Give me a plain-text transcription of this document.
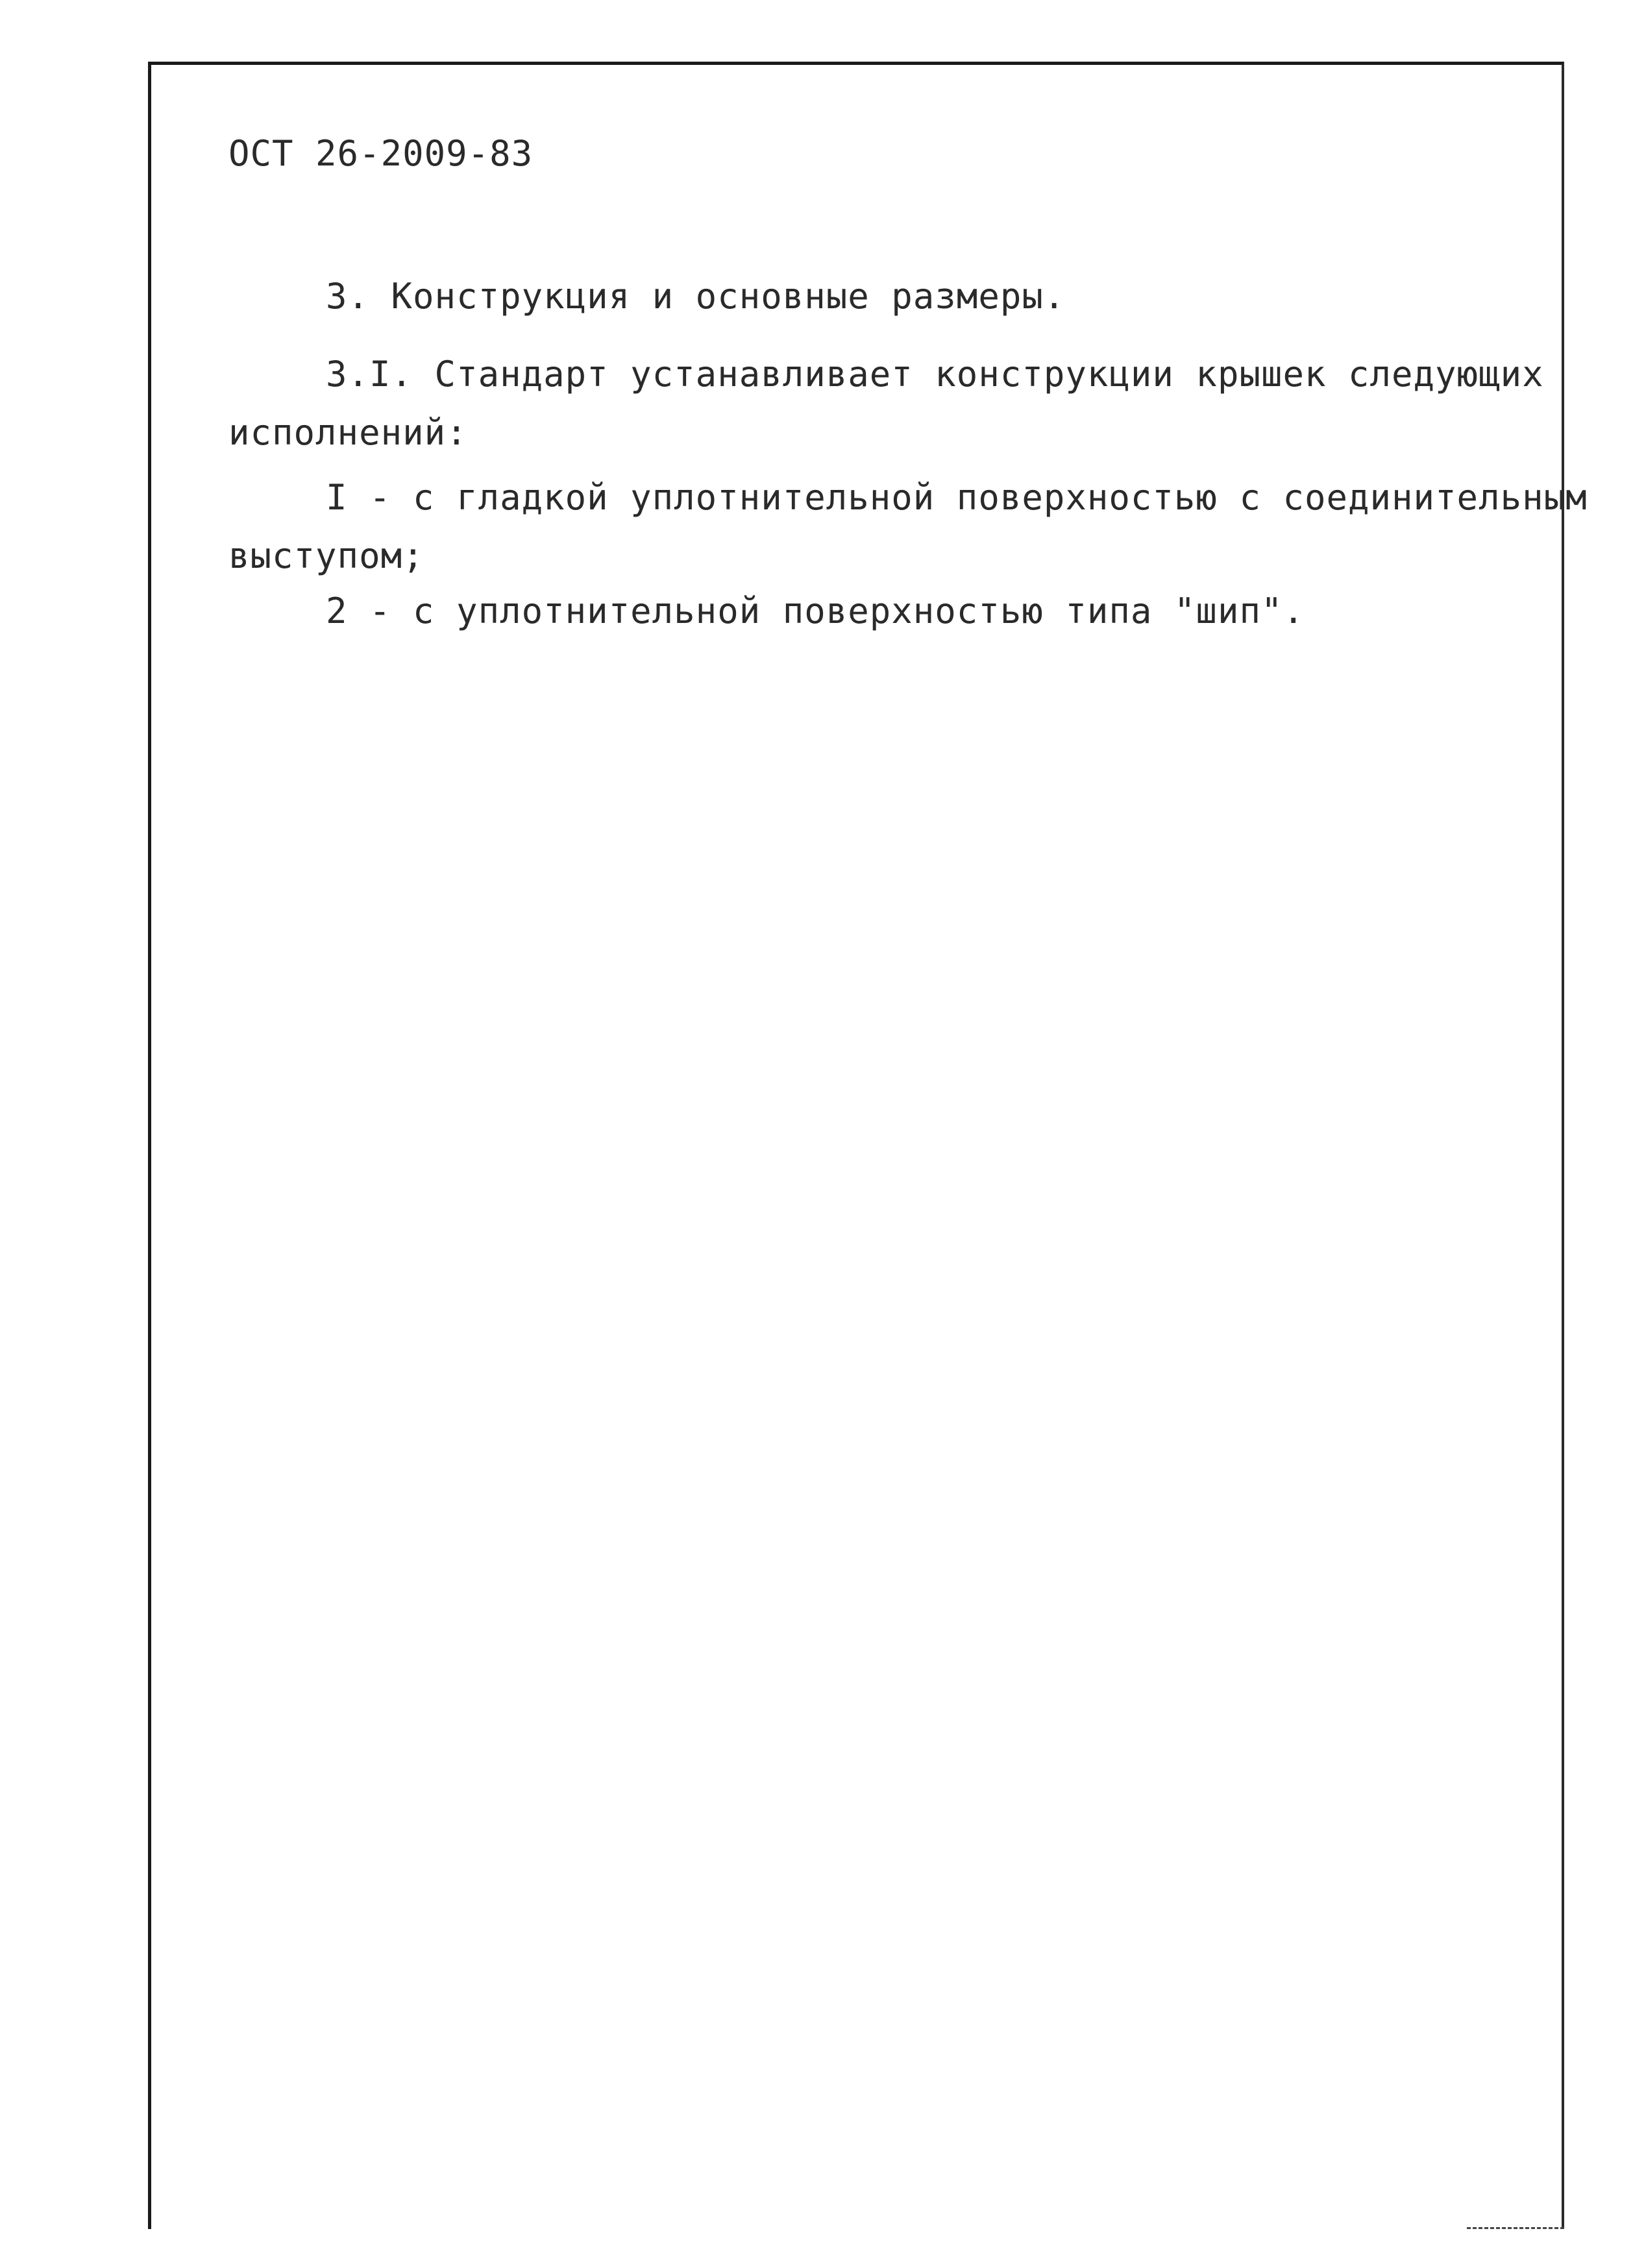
ОСТ 26-2009-83
3. Конструкция и основные размеры.
3.I. Стандарт устанавливает конструкции крышек следующих
исполнений:
I - с гладкой уплотнительной поверхностью с соединительным
выступом;
2 - с уплотнительной поверхностью типа "шип".
